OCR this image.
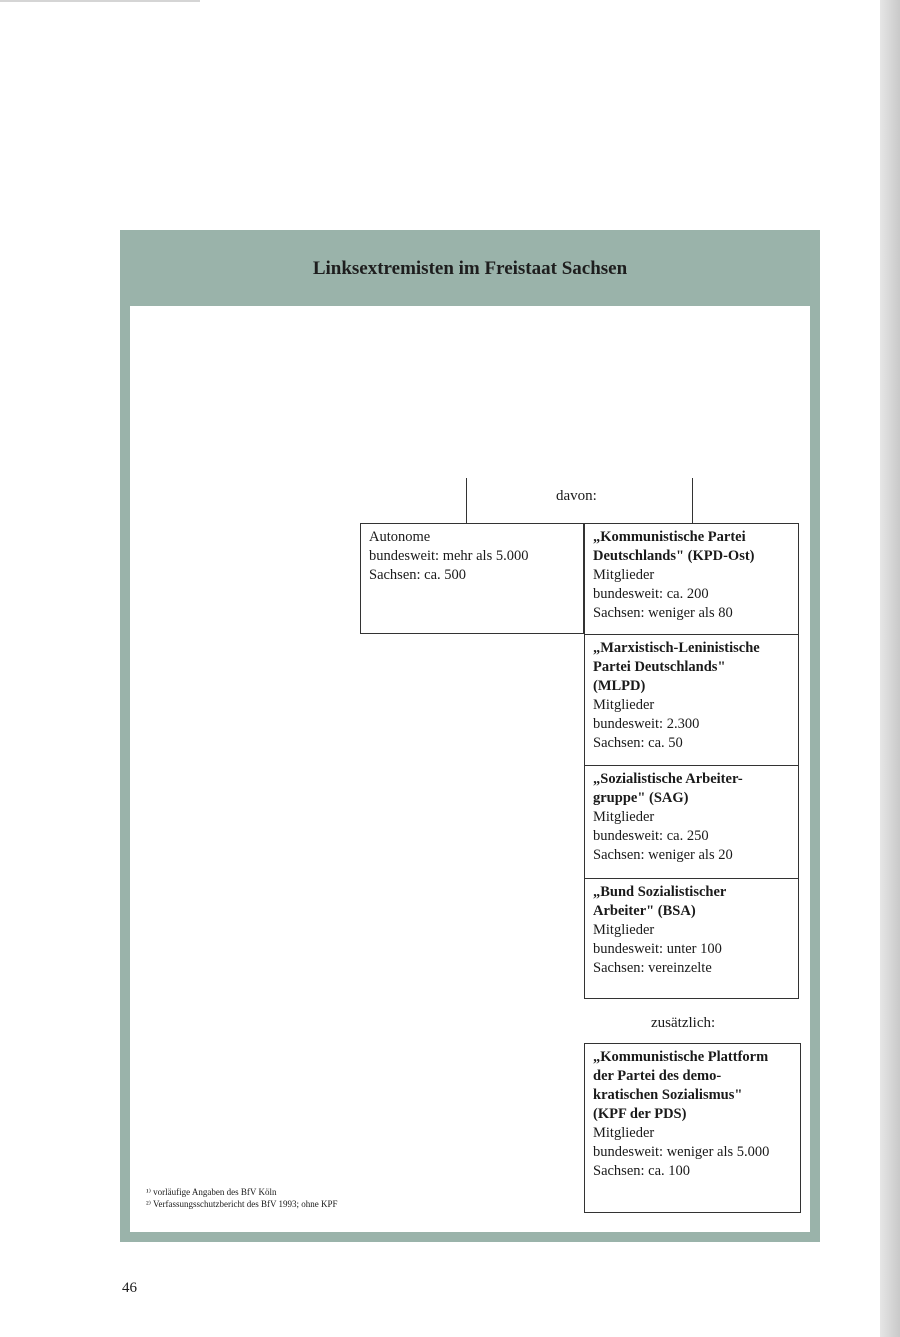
Linksextremisten im Freistaat Sachsen
davon:
Autonome
bundesweit: mehr als 5.000
Sachsen: ca. 500
„Kommunistische Partei
Deutschlands" (KPD-Ost)
Mitglieder
bundesweit: ca. 200
Sachsen: weniger als 80
„Marxistisch-Leninistische
Partei Deutschlands"
(MLPD)
Mitglieder
bundesweit: 2.300
Sachsen: ca. 50
„Sozialistische Arbeiter-
gruppe" (SAG)
Mitglieder
bundesweit: ca. 250
Sachsen: weniger als 20
„Bund Sozialistischer
Arbeiter" (BSA)
Mitglieder
bundesweit: unter 100
Sachsen: vereinzelte
zusätzlich:
„Kommunistische Plattform
der Partei des demo-
kratischen Sozialismus"
(KPF der PDS)
Mitglieder
bundesweit: weniger als 5.000
Sachsen: ca. 100
¹⁾ vorläufige Angaben des BfV Köln
²⁾ Verfassungsschutzbericht des BfV 1993; ohne KPF
46
